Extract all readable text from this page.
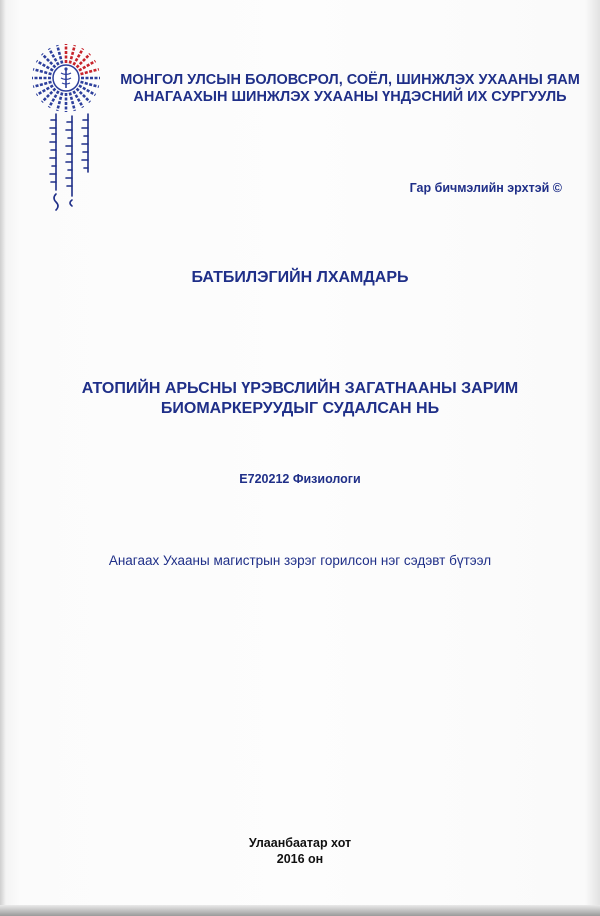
МОНГОЛ УЛСЫН БОЛОВСРОЛ, СОЁЛ, ШИНЖЛЭХ УХААНЫ ЯАМ
АНАГААХЫН ШИНЖЛЭХ УХААНЫ ҮНДЭСНИЙ ИХ СУРГУУЛЬ
Гар бичмэлийн эрхтэй ©
БАТБИЛЭГИЙН ЛХАМДАРЬ
АТОПИЙН АРЬСНЫ ҮРЭВСЛИЙН ЗАГАТНААНЫ ЗАРИМ
БИОМАРКЕРУУДЫГ СУДАЛСАН НЬ
E720212 Физиологи
Анагаах Ухааны магистрын зэрэг горилсон нэг сэдэвт бүтээл
Улаанбаатар хот
2016 он
